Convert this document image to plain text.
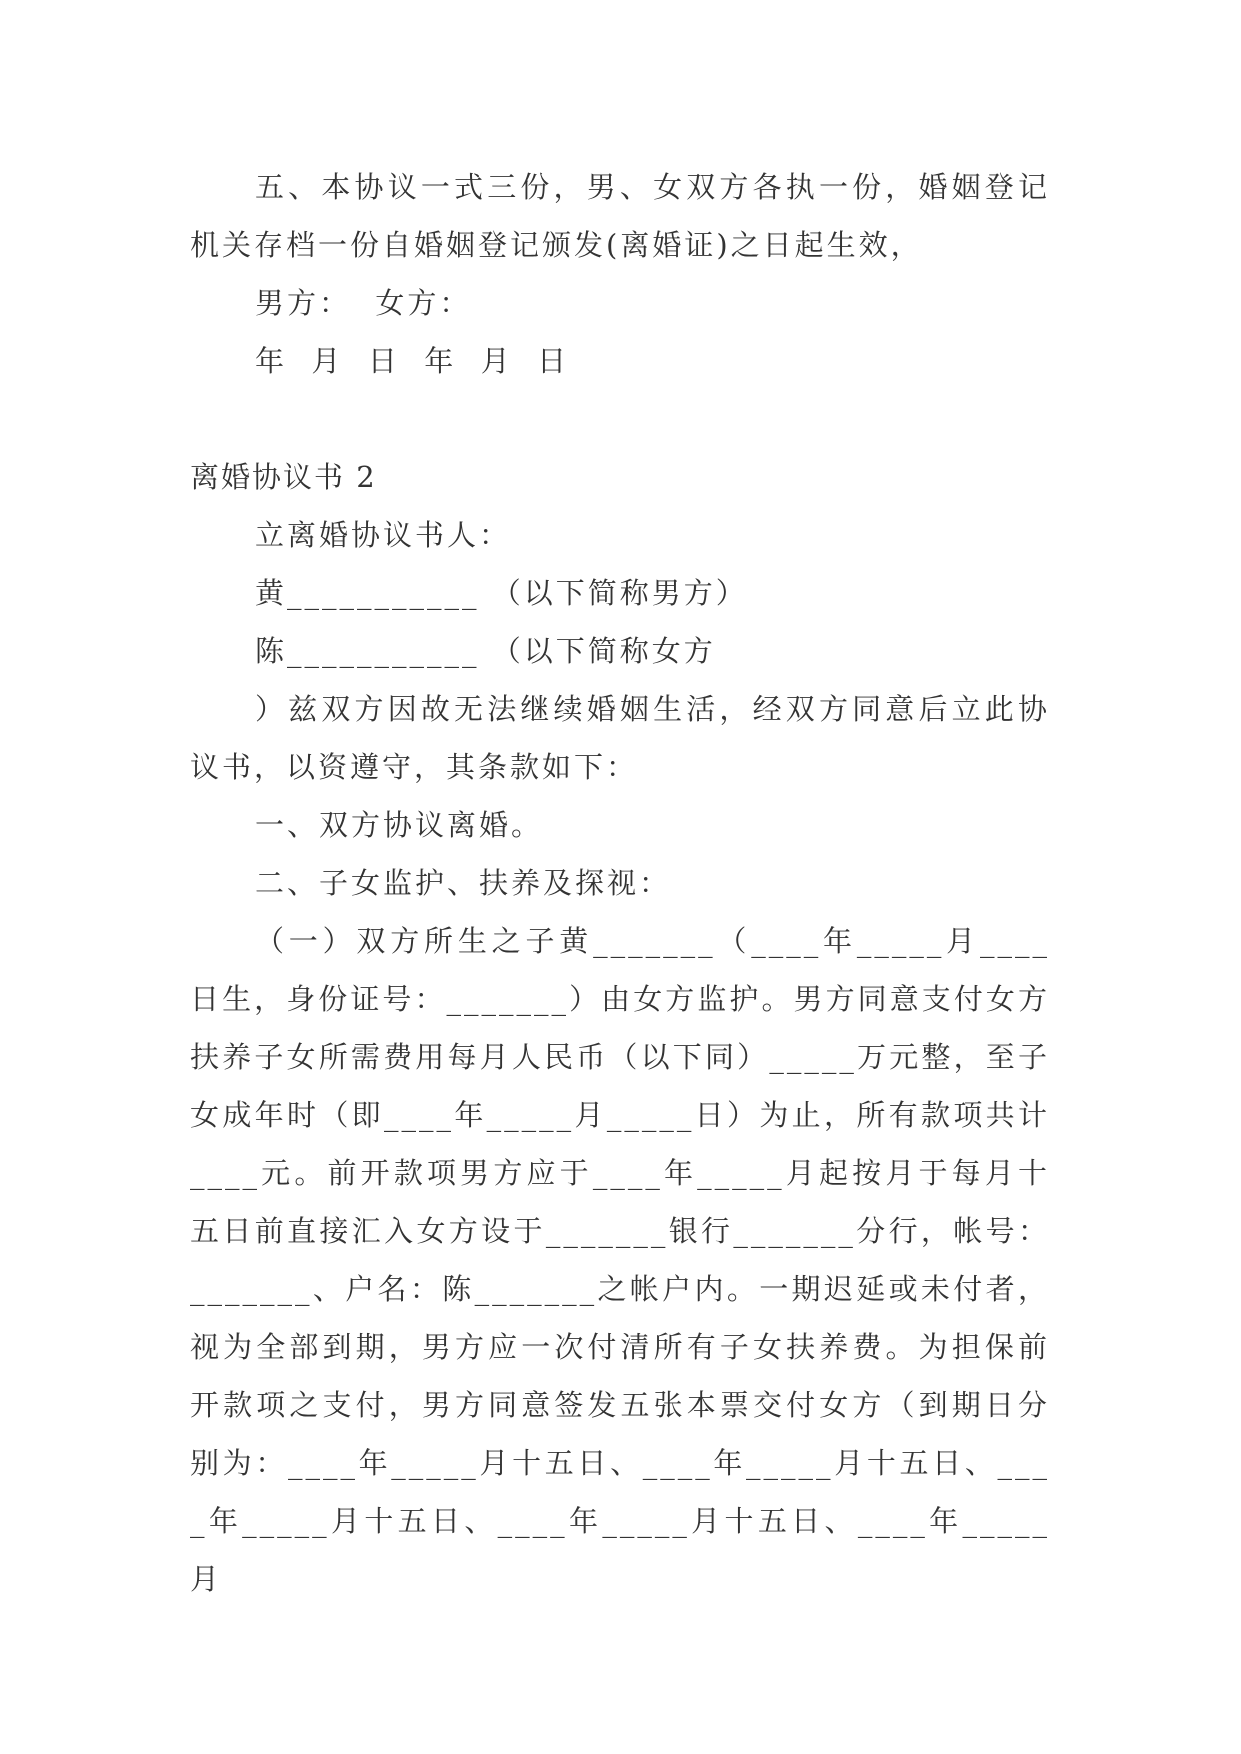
五、本协议一式三份，男、女双方各执一份，婚姻登记机关存档一份自婚姻登记颁发(离婚证)之日起生效，

男方：  女方：

年  月  日  年  月  日

离婚协议书 2

立离婚协议书人：

黄___________ （以下简称男方）

陈___________ （以下简称女方

）兹双方因故无法继续婚姻生活，经双方同意后立此协议书，以资遵守，其条款如下：

一、双方协议离婚。

二、子女监护、扶养及探视：

（一）双方所生之子黄_______（____年_____月____日生，身份证号：_______）由女方监护。男方同意支付女方扶养子女所需费用每月人民币（以下同）_____万元整，至子女成年时（即____年_____月_____日）为止，所有款项共计____元。前开款项男方应于____年_____月起按月于每月十五日前直接汇入女方设于_______银行_______分行，帐号：_______、户名：陈_______之帐户内。一期迟延或未付者，视为全部到期，男方应一次付清所有子女扶养费。为担保前开款项之支付，男方同意签发五张本票交付女方（到期日分别为：____年_____月十五日、____年_____月十五日、____年_____月十五日、____年_____月十五日、____年_____月
